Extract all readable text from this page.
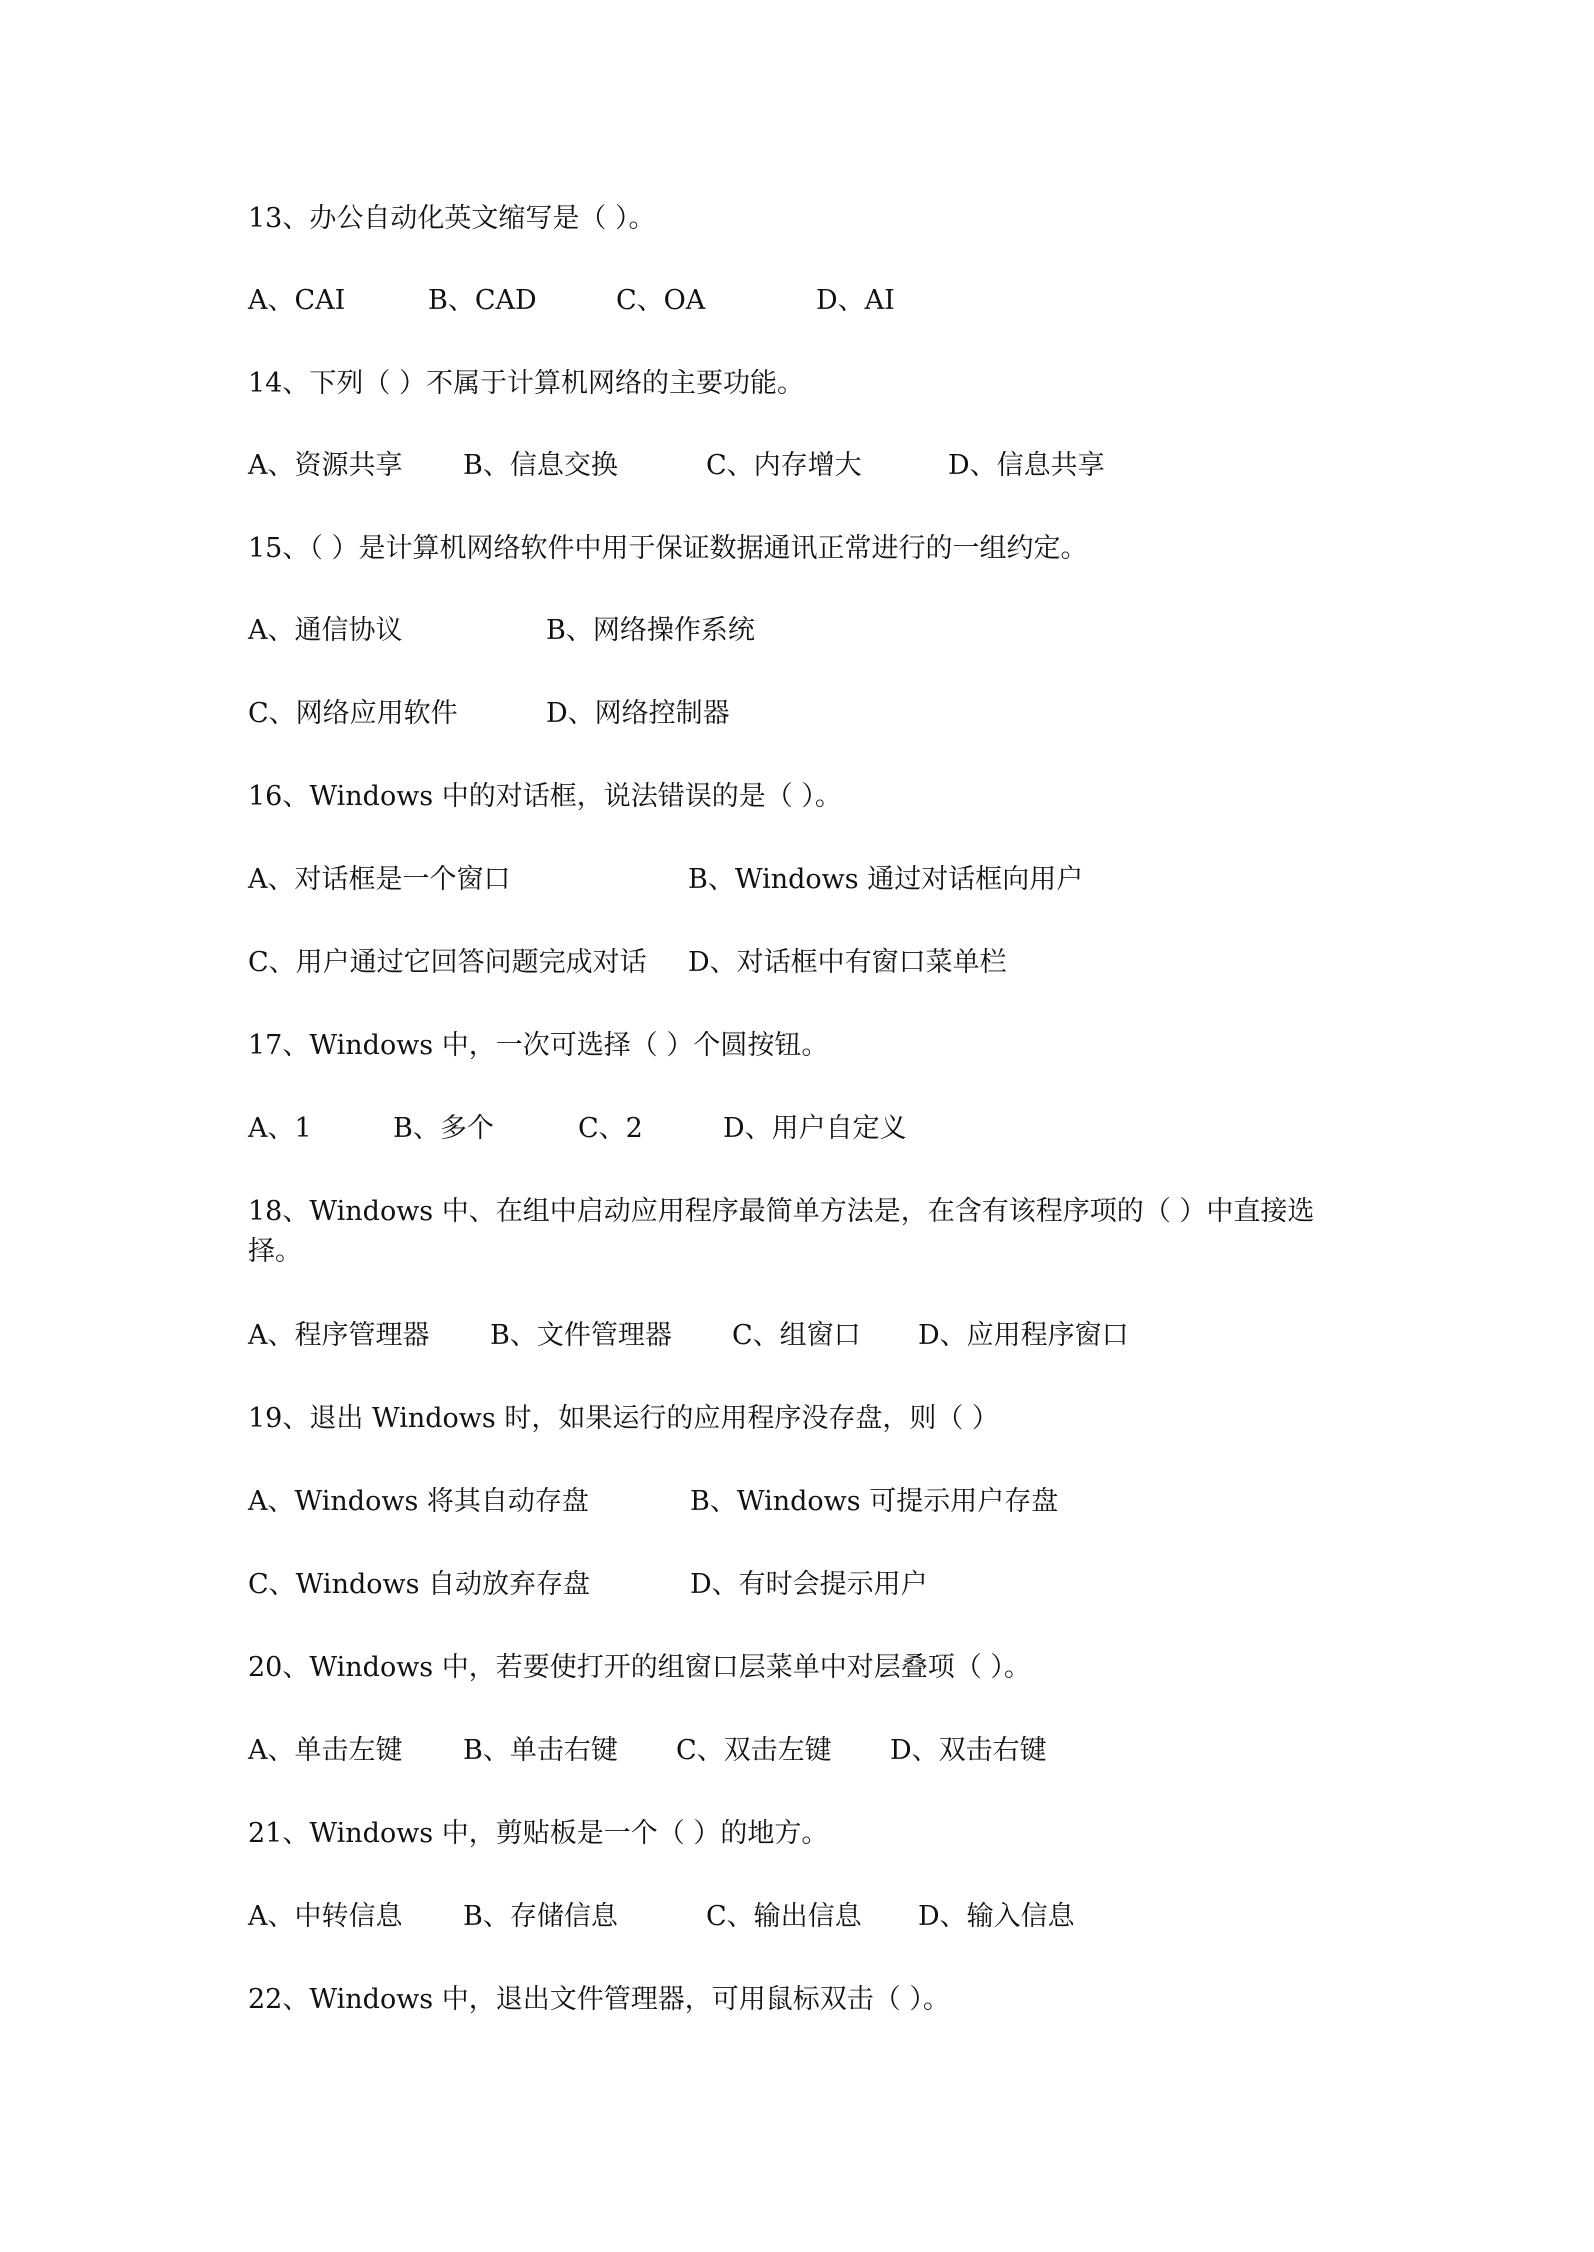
13、办公自动化英文缩写是（ ）。
A、CAI	B、CAD	C、OA	D、AI
14、下列（ ）不属于计算机网络的主要功能。
A、资源共享 B、信息交换	C、内存增大	D、信息共享
15、（ ）是计算机网络软件中用于保证数据通讯正常进行的一组约定。
A、通信协议	B、网络操作系统
C、网络应用软件	D、网络控制器
16、Windows 中的对话框，说法错误的是（ ）。
A、对话框是一个窗口	B、Windows 通过对话框向用户
C、用户通过它回答问题完成对话 D、对话框中有窗口菜单栏
17、Windows 中，一次可选择（ ）个圆按钮。
A、1	B、多个	C、2	D、用户自定义
18、Windows 中、在组中启动应用程序最简单方法是，在含有该程序项的（ ）中直接选择。
A、程序管理器 B、文件管理器 C、组窗口 D、应用程序窗口
19、退出 Windows 时，如果运行的应用程序没存盘，则（ ）
A、Windows 将其自动存盘	B、Windows 可提示用户存盘
C、Windows 自动放弃存盘	D、有时会提示用户
20、Windows 中，若要使打开的组窗口层菜单中对层叠项（ ）。
A、单击左键 B、单击右键 C、双击左键 D、双击右键
21、Windows 中，剪贴板是一个（ ）的地方。
A、中转信息 B、存储信息	C、输出信息 D、输入信息
22、Windows 中，退出文件管理器，可用鼠标双击（ ）。
